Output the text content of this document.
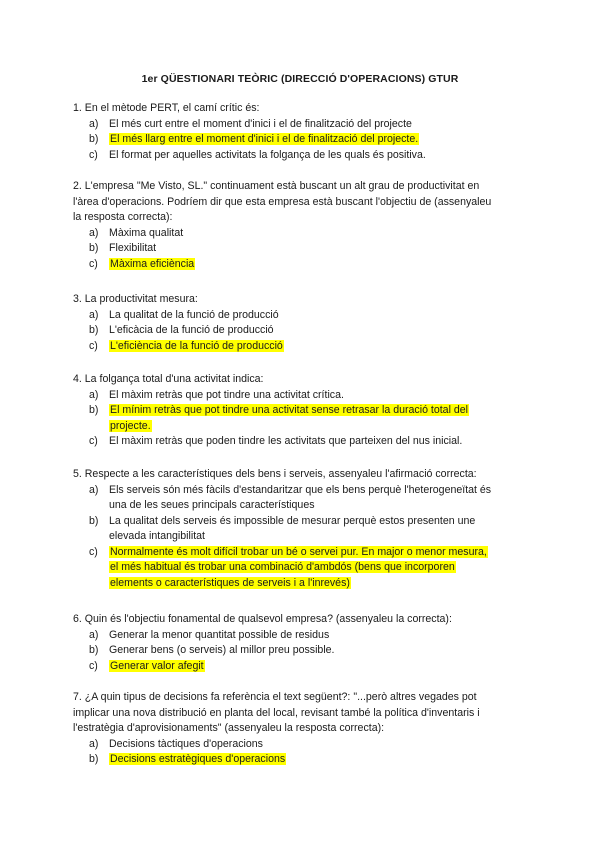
1er QÜESTIONARI TEÒRIC (DIRECCIÓ D'OPERACIONS) GTUR
1. En el mètode PERT, el camí crític és:
a) El més curt entre el moment d'inici i el de finalització del projecte
b) El més llarg entre el moment d'inici i el de finalització del projecte.
c) El format per aquelles activitats la folgança de les quals és positiva.
2. L'empresa "Me Visto, SL." continuament està buscant un alt grau de productivitat en
l'àrea d'operacions. Podríem dir que esta empresa està buscant l'objectiu de (assenyaleu
la resposta correcta):
a) Màxima qualitat
b) Flexibilitat
c) Màxima eficiència
3. La productivitat mesura:
a) La qualitat de la funció de producció
b) L'eficàcia de la funció de producció
c) L'eficiència de la funció de producció
4. La folgança total d'una activitat indica:
a) El màxim retràs que pot tindre una activitat crítica.
b) El mínim retràs que pot tindre una activitat sense retrasar la duració total del
projecte.
c) El màxim retràs que poden tindre les activitats que parteixen del nus inicial.
5. Respecte a les característiques dels bens i serveis, assenyaleu l'afirmació correcta:
a) Els serveis són més fàcils d'estandaritzar que els bens perquè l'heterogeneïtat és
una de les seues principals característiques
b) La qualitat dels serveis és impossible de mesurar perquè estos presenten une
elevada intangibilitat
c) Normalmente és molt difícil trobar un bé o servei pur. En major o menor mesura,
el més habitual és trobar una combinació d'ambdós (bens que incorporen
elements o característiques de serveis i a l'inrevés)
6. Quin és l'objectiu fonamental de qualsevol empresa? (assenyaleu la correcta):
a) Generar la menor quantitat possible de residus
b) Generar bens (o serveis) al millor preu possible.
c) Generar valor afegit
7. ¿A quin tipus de decisions fa referència el text següent?: "...però altres vegades pot
implicar una nova distribució en planta del local, revisant també la política d'inventaris i
l'estratègia d'aprovisionaments" (assenyaleu la resposta correcta):
a) Decisions tàctiques d'operacions
b) Decisions estratègiques d'operacions
